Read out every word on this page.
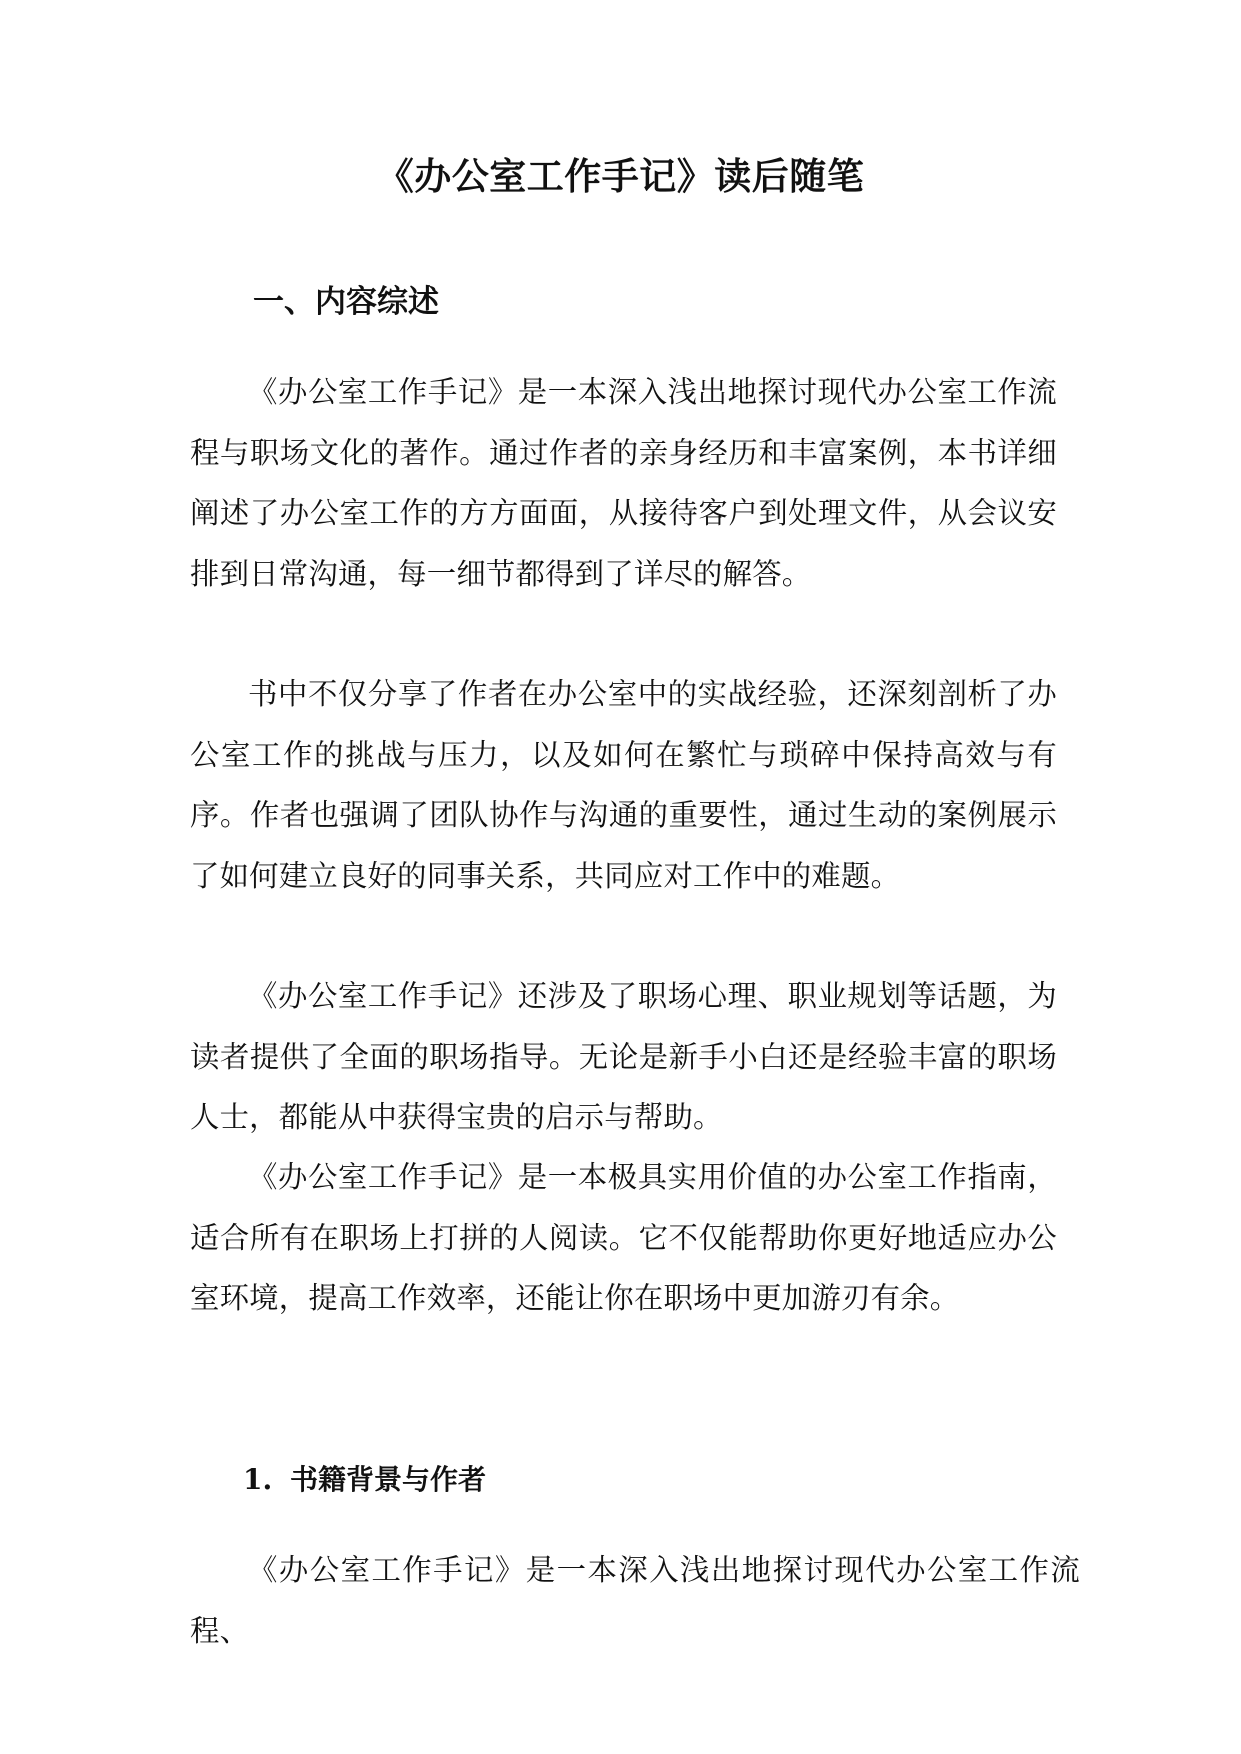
《办公室工作手记》读后随笔
一、内容综述

《办公室工作手记》是一本深入浅出地探讨现代办公室工作流程与职场文化的著作。通过作者的亲身经历和丰富案例，本书详细阐述了办公室工作的方方面面，从接待客户到处理文件，从会议安排到日常沟通，每一细节都得到了详尽的解答。

书中不仅分享了作者在办公室中的实战经验，还深刻剖析了办公室工作的挑战与压力，以及如何在繁忙与琐碎中保持高效与有序。作者也强调了团队协作与沟通的重要性，通过生动的案例展示了如何建立良好的同事关系，共同应对工作中的难题。

《办公室工作手记》还涉及了职场心理、职业规划等话题，为读者提供了全面的职场指导。无论是新手小白还是经验丰富的职场人士，都能从中获得宝贵的启示与帮助。

《办公室工作手记》是一本极具实用价值的办公室工作指南，适合所有在职场上打拼的人阅读。它不仅能帮助你更好地适应办公室环境，提高工作效率，还能让你在职场中更加游刃有余。

1. 书籍背景与作者

《办公室工作手记》是一本深入浅出地探讨现代办公室工作流程、
